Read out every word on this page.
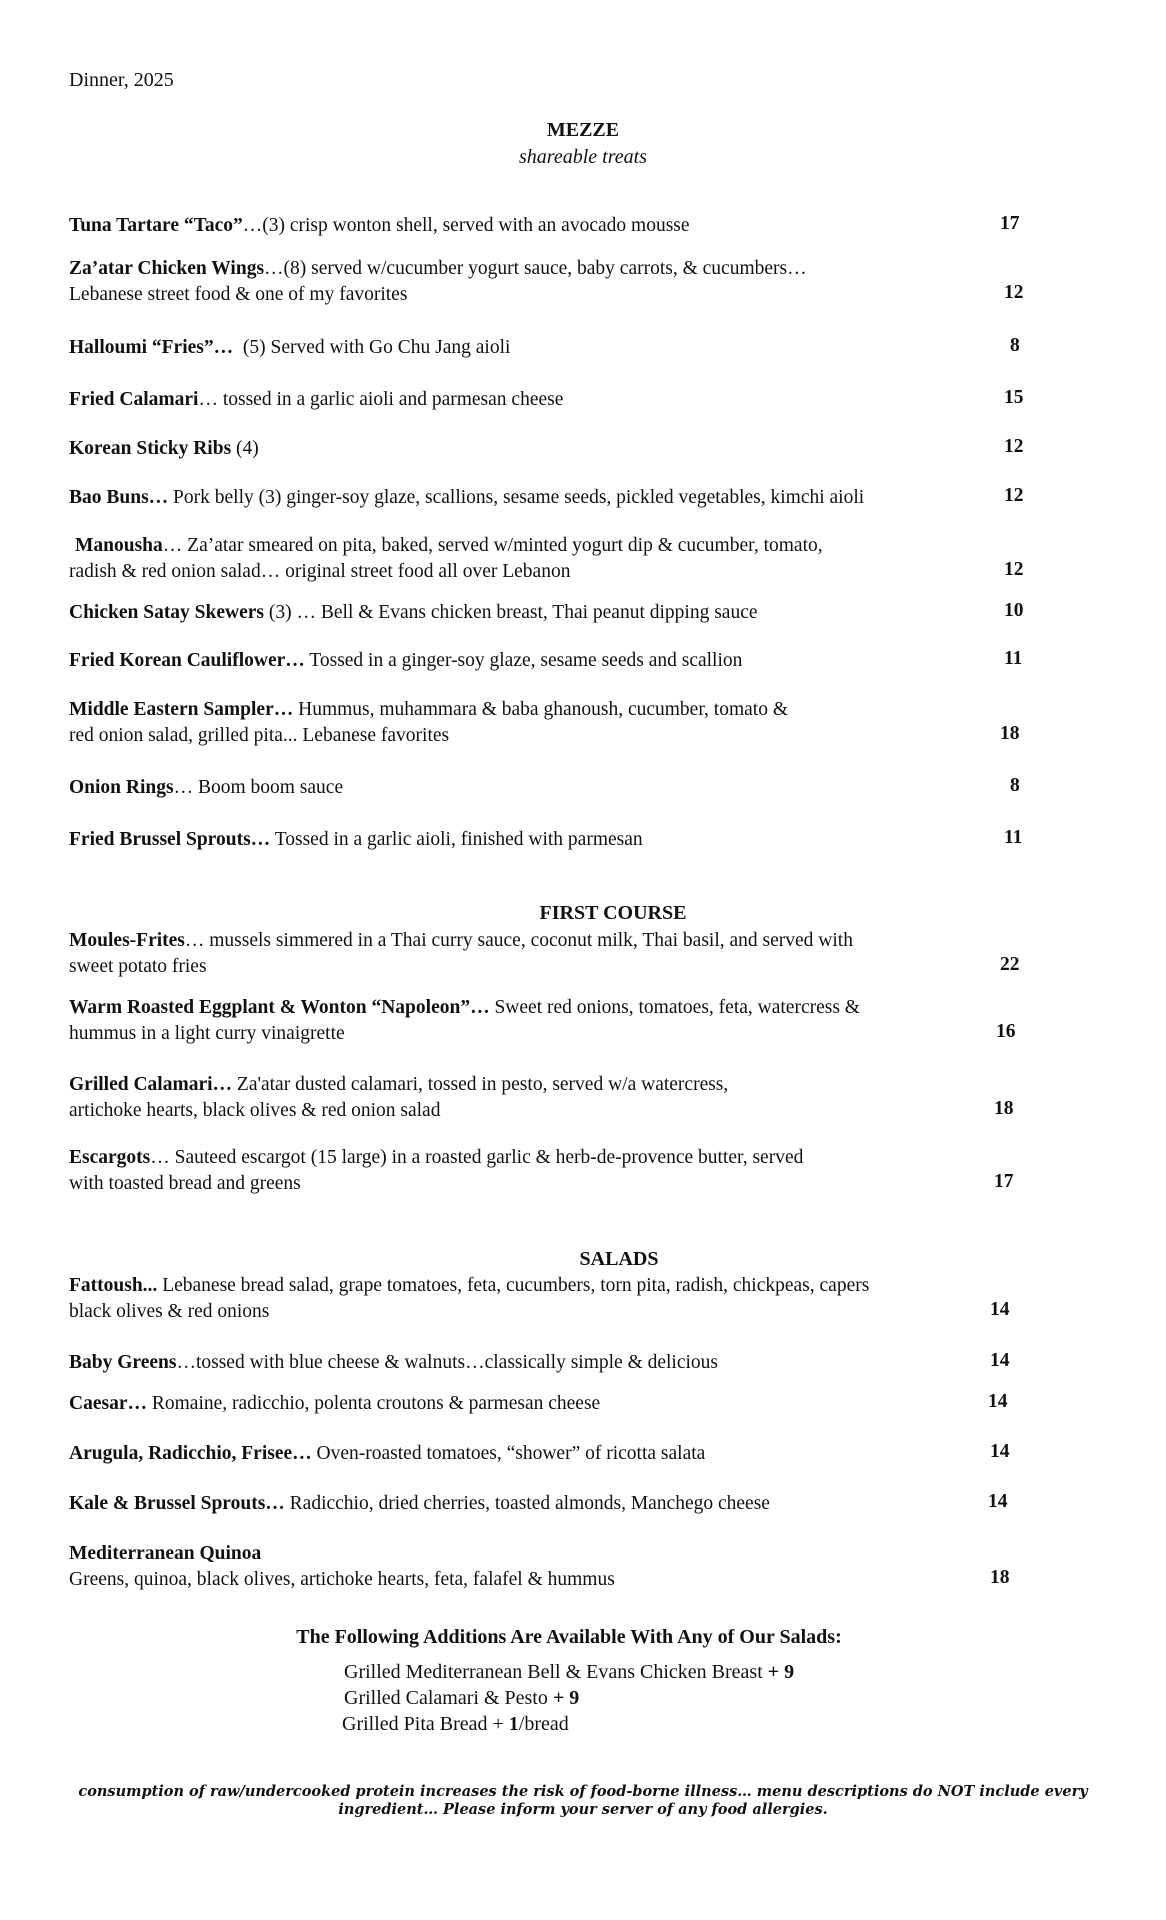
Dinner, 2025
MEZZE
shareable treats
Tuna Tartare “Taco”…(3) crisp wonton shell, served with an avocado mousse	17
Za’atar Chicken Wings…(8) served w/cucumber yogurt sauce, baby carrots, & cucumbers…
Lebanese street food & one of my favorites	12
Halloumi “Fries”…  (5) Served with Go Chu Jang aioli	8
Fried Calamari… tossed in a garlic aioli and parmesan cheese	15
Korean Sticky Ribs (4)	12
Bao Buns… Pork belly (3) ginger-soy glaze, scallions, sesame seeds, pickled vegetables, kimchi aioli	12
Manousha… Za’atar smeared on pita, baked, served w/minted yogurt dip & cucumber, tomato,
radish & red onion salad… original street food all over Lebanon	12
Chicken Satay Skewers (3) … Bell & Evans chicken breast, Thai peanut dipping sauce	10
Fried Korean Cauliflower… Tossed in a ginger-soy glaze, sesame seeds and scallion	11
Middle Eastern Sampler… Hummus, muhammara & baba ghanoush, cucumber, tomato &
red onion salad, grilled pita... Lebanese favorites	18
Onion Rings… Boom boom sauce	8
Fried Brussel Sprouts… Tossed in a garlic aioli, finished with parmesan	11
FIRST COURSE
Moules-Frites… mussels simmered in a Thai curry sauce, coconut milk, Thai basil, and served with
sweet potato fries	22
Warm Roasted Eggplant & Wonton “Napoleon”… Sweet red onions, tomatoes, feta, watercress &
hummus in a light curry vinaigrette	16
Grilled Calamari… Za'atar dusted calamari, tossed in pesto, served w/a watercress,
artichoke hearts, black olives & red onion salad	18
Escargots… Sauteed escargot (15 large) in a roasted garlic & herb-de-provence butter, served
with toasted bread and greens	17
SALADS
Fattoush... Lebanese bread salad, grape tomatoes, feta, cucumbers, torn pita, radish, chickpeas, capers
black olives & red onions	14
Baby Greens…tossed with blue cheese & walnuts…classically simple & delicious	14
Caesar… Romaine, radicchio, polenta croutons & parmesan cheese	14
Arugula, Radicchio, Frisee… Oven-roasted tomatoes, “shower” of ricotta salata	14
Kale & Brussel Sprouts… Radicchio, dried cherries, toasted almonds, Manchego cheese	14
Mediterranean Quinoa
Greens, quinoa, black olives, artichoke hearts, feta, falafel & hummus	18
The Following Additions Are Available With Any of Our Salads:
Grilled Mediterranean Bell & Evans Chicken Breast + 9
Grilled Calamari & Pesto + 9
Grilled Pita Bread + 1/bread
consumption of raw/undercooked protein increases the risk of food-borne illness… menu descriptions do NOT include every ingredient… Please inform your server of any food allergies.
